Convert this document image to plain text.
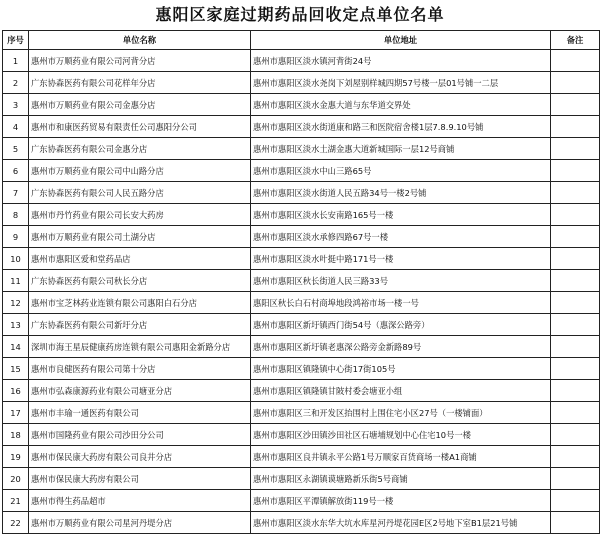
惠阳区家庭过期药品回收定点单位名单
序号	单位名称	单位地址	备注
1	惠州市万顺药业有限公司河背分店	惠州市惠阳区淡水镇河背街24号	
2	广东协森医药有限公司花样年分店	惠州市惠阳区淡水尧岗下刘屋别样城四期57号楼一层01号铺一二层	
3	惠州市万顺药业有限公司金惠分店	惠州市惠阳区淡水金惠大道与东华道交界处	
4	惠州市和康医药贸易有限责任公司惠阳分公司	惠州市惠阳区淡水街道康和路三和医院宿舍楼1层7.8.9.10号铺	
5	广东协森医药有限公司金惠分店	惠州市惠阳区淡水土湖金惠大道新城国际一层12号商铺	
6	惠州市万顺药业有限公司中山路分店	惠州市惠阳区淡水中山三路65号	
7	广东协森医药有限公司人民五路分店	惠州市惠阳区淡水街道人民五路34号一楼2号铺	
8	惠州市丹竹药业有限公司长安大药房	惠州市惠阳区淡水长安南路165号一楼	
9	惠州市万顺药业有限公司土湖分店	惠州市惠阳区淡水承修四路67号一楼	
10	惠州市惠阳区爱和堂药品店	惠州市惠阳区淡水叶挺中路171号一楼	
11	广东协森医药有限公司秋长分店	惠州市惠阳区秋长街道人民三路33号	
12	惠州市宝芝林药业连锁有限公司惠阳白石分店	惠阳区秋长白石村商埠地段鸿裕市场一楼一号	
13	广东协森医药有限公司新圩分店	惠州市惠阳区新圩镇西门街54号（惠深公路旁）	
14	深圳市海王星辰健康药房连锁有限公司惠阳金新路分店	惠州市惠阳区新圩镇老惠深公路旁金新路89号	
15	惠州市良健医药有限公司第十分店	惠州市惠阳区镇隆镇中心街17街105号	
16	惠州市弘森康源药业有限公司塘亚分店	惠州市惠阳区镇隆镇甘陂村委会塘亚小组	
17	惠州市丰瑜一通医药有限公司	惠州市惠阳区三和开发区抬围村上围住宅小区27号（一楼铺面）	
18	惠州市国隆药业有限公司沙田分公司	惠州市惠阳区沙田镇沙田社区石塘埔规划中心住宅10号一楼	
19	惠州市保民康大药房有限公司良井分店	惠州市惠阳区良井镇永平公路1号万顺家百货商场一楼A1商铺	
20	惠州市保民康大药房有限公司	惠州市惠阳区永湖镇谟塘路新乐街5号商铺	
21	惠州市得生药品超市	惠州市惠阳区平潭镇解放街119号一楼	
22	惠州市万顺药业有限公司星河丹堤分店	惠州市惠阳区淡水东华大坑水库星河丹堤花园E区2号地下室B1层21号铺	
